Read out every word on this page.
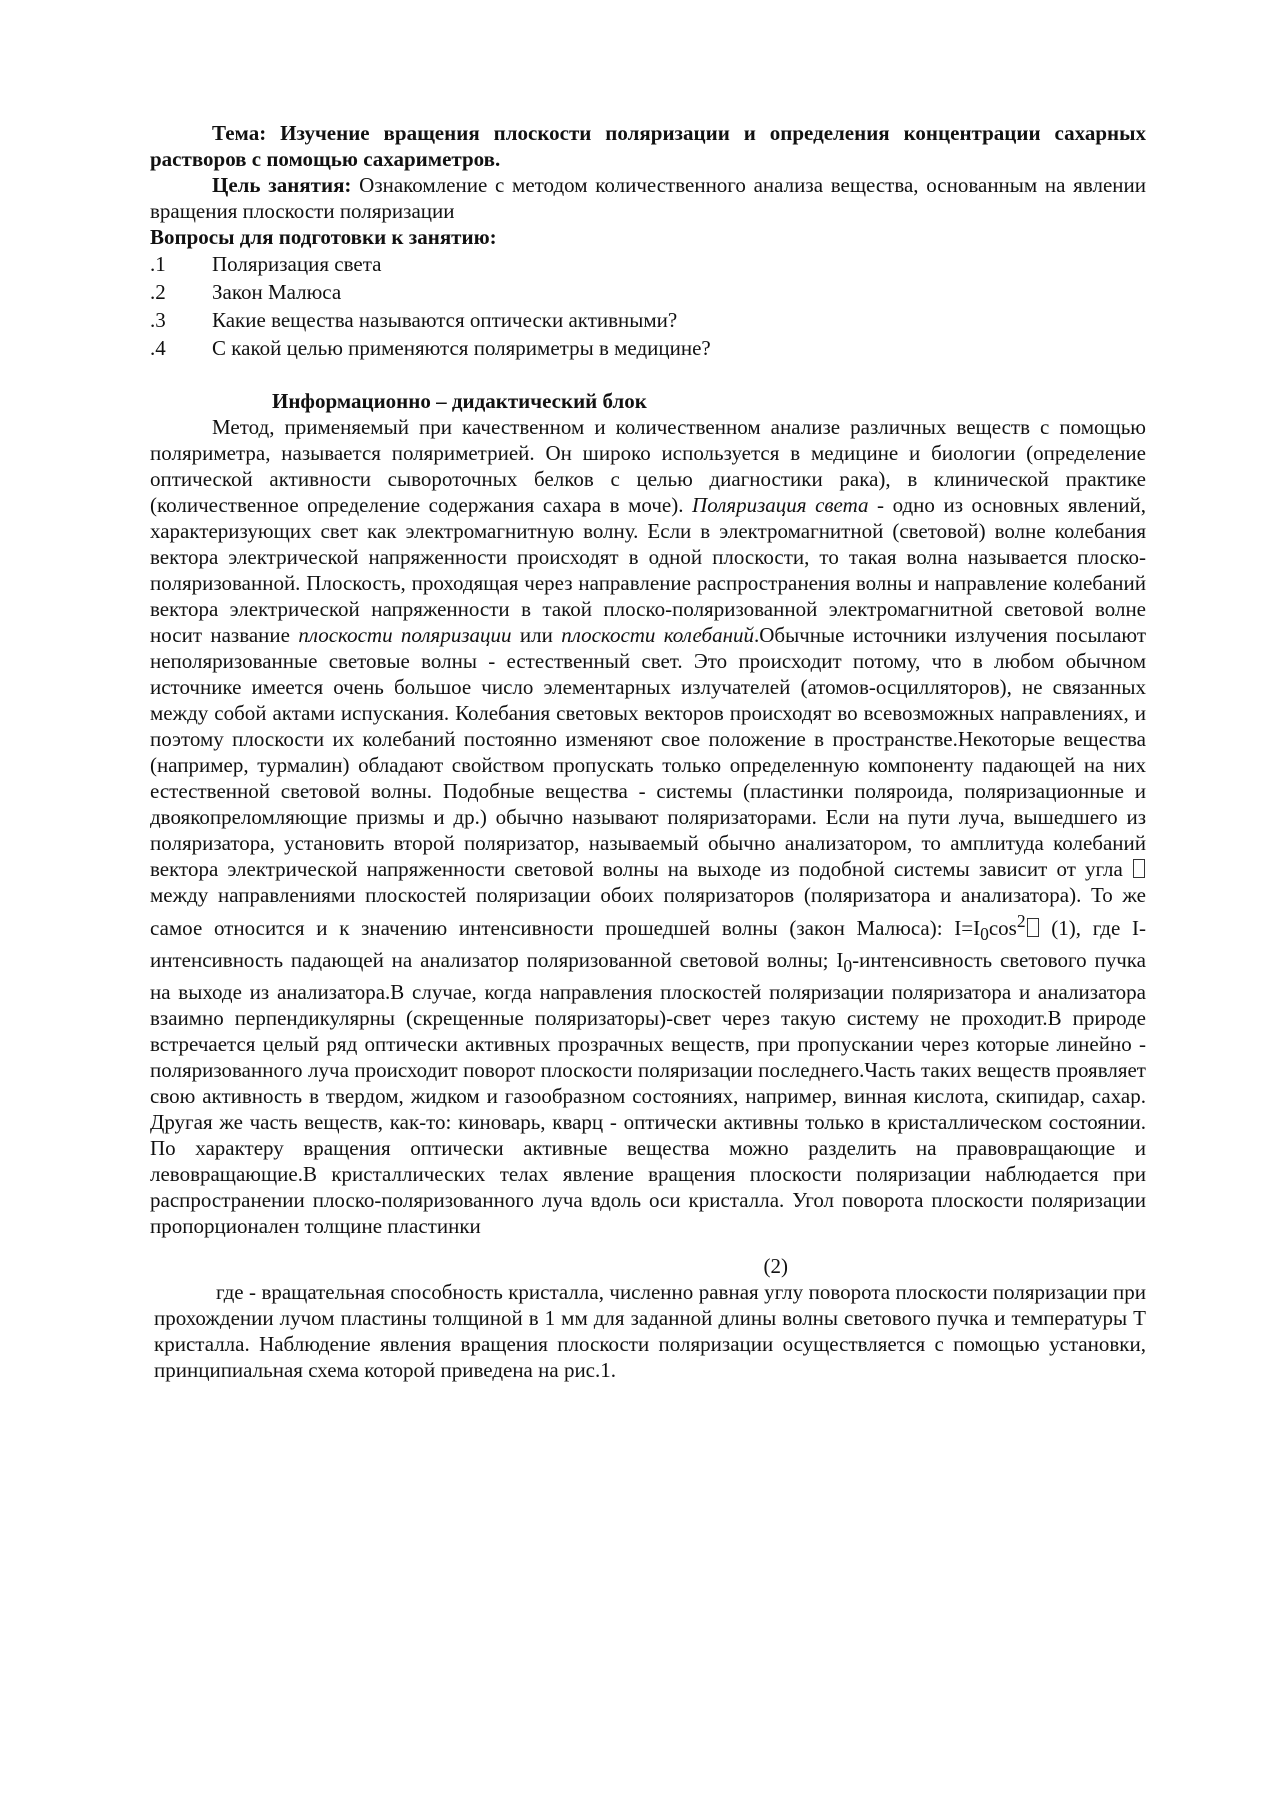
Тема: Изучение вращения плоскости поляризации и определения концентрации сахарных растворов с помощью сахариметров.

Цель занятия: Ознакомление с методом количественного анализа вещества, основанным на явлении вращения плоскости поляризации

Вопросы для подготовки к занятию:

.1	Поляризация света
.2	Закон Малюса
.3	Какие вещества называются оптически активными?
.4	С какой целью применяются поляриметры в медицине?

Информационно – дидактический блок

Метод, применяемый при качественном и количественном анализе различных веществ с помощью поляриметра, называется поляриметрией. Он широко используется в медицине и биологии (определение оптической активности сывороточных белков с целью диагностики рака), в клинической практике (количественное определение содержания сахара в моче). Поляризация света - одно из основных явлений, характеризующих свет как электромагнитную волну. Если в электромагнитной (световой) волне колебания вектора электрической напряженности происходят в одной плоскости, то такая волна называется плоско-поляризованной. Плоскость, проходящая через направление распространения волны и направление колебаний вектора электрической напряженности в такой плоско-поляризованной электромагнитной световой волне носит название плоскости поляризации или плоскости колебаний.Обычные источники излучения посылают неполяризованные световые волны - естественный свет. Это происходит потому, что в любом обычном источнике имеется очень большое число элементарных излучателей (атомов-осцилляторов), не связанных между собой актами испускания. Колебания световых векторов происходят во всевозможных направлениях, и поэтому плоскости их колебаний постоянно изменяют свое положение в пространстве.Некоторые вещества (например, турмалин) обладают свойством пропускать только определенную компоненту падающей на них естественной световой волны. Подобные вещества - системы (пластинки поляроида, поляризационные и двоякопреломляющие призмы и др.) обычно называют поляризаторами. Если на пути луча, вышедшего из поляризатора, установить второй поляризатор, называемый обычно анализатором, то амплитуда колебаний вектора электрической напряженности световой волны на выходе из подобной системы зависит от угла  между направлениями плоскостей поляризации обоих поляризаторов (поляризатора и анализатора). То же самое относится и к значению интенсивности прошедшей волны (закон Малюса): $I=I_0\cos^2$ (1), где I-интенсивность падающей на анализатор поляризованной световой волны; $I_0$-интенсивность светового пучка на выходе из анализатора.В случае, когда направления плоскостей поляризации поляризатора и анализатора взаимно перпендикулярны (скрещенные поляризаторы)-свет через такую систему не проходит.В природе встречается целый ряд оптически активных прозрачных веществ, при пропускании через которые линейно - поляризованного луча происходит поворот плоскости поляризации последнего.Часть таких веществ проявляет свою активность в твердом, жидком и газообразном состояниях, например, винная кислота, скипидар, сахар. Другая же часть веществ, как-то: киноварь, кварц - оптически активны только в кристаллическом состоянии. По характеру вращения оптически активные вещества можно разделить на правовращающие и левовращающие.В кристаллических телах явление вращения плоскости поляризации наблюдается при распространении плоско-поляризованного луча вдоль оси кристалла. Угол поворота плоскости поляризации пропорционален толщине пластинки

(2)

где - вращательная способность кристалла, численно равная углу поворота плоскости поляризации при прохождении лучом пластины толщиной в 1 мм для заданной длины волны светового пучка и температуры Т кристалла. Наблюдение явления вращения плоскости поляризации осуществляется с помощью установки, принципиальная схема которой приведена на рис.1.
